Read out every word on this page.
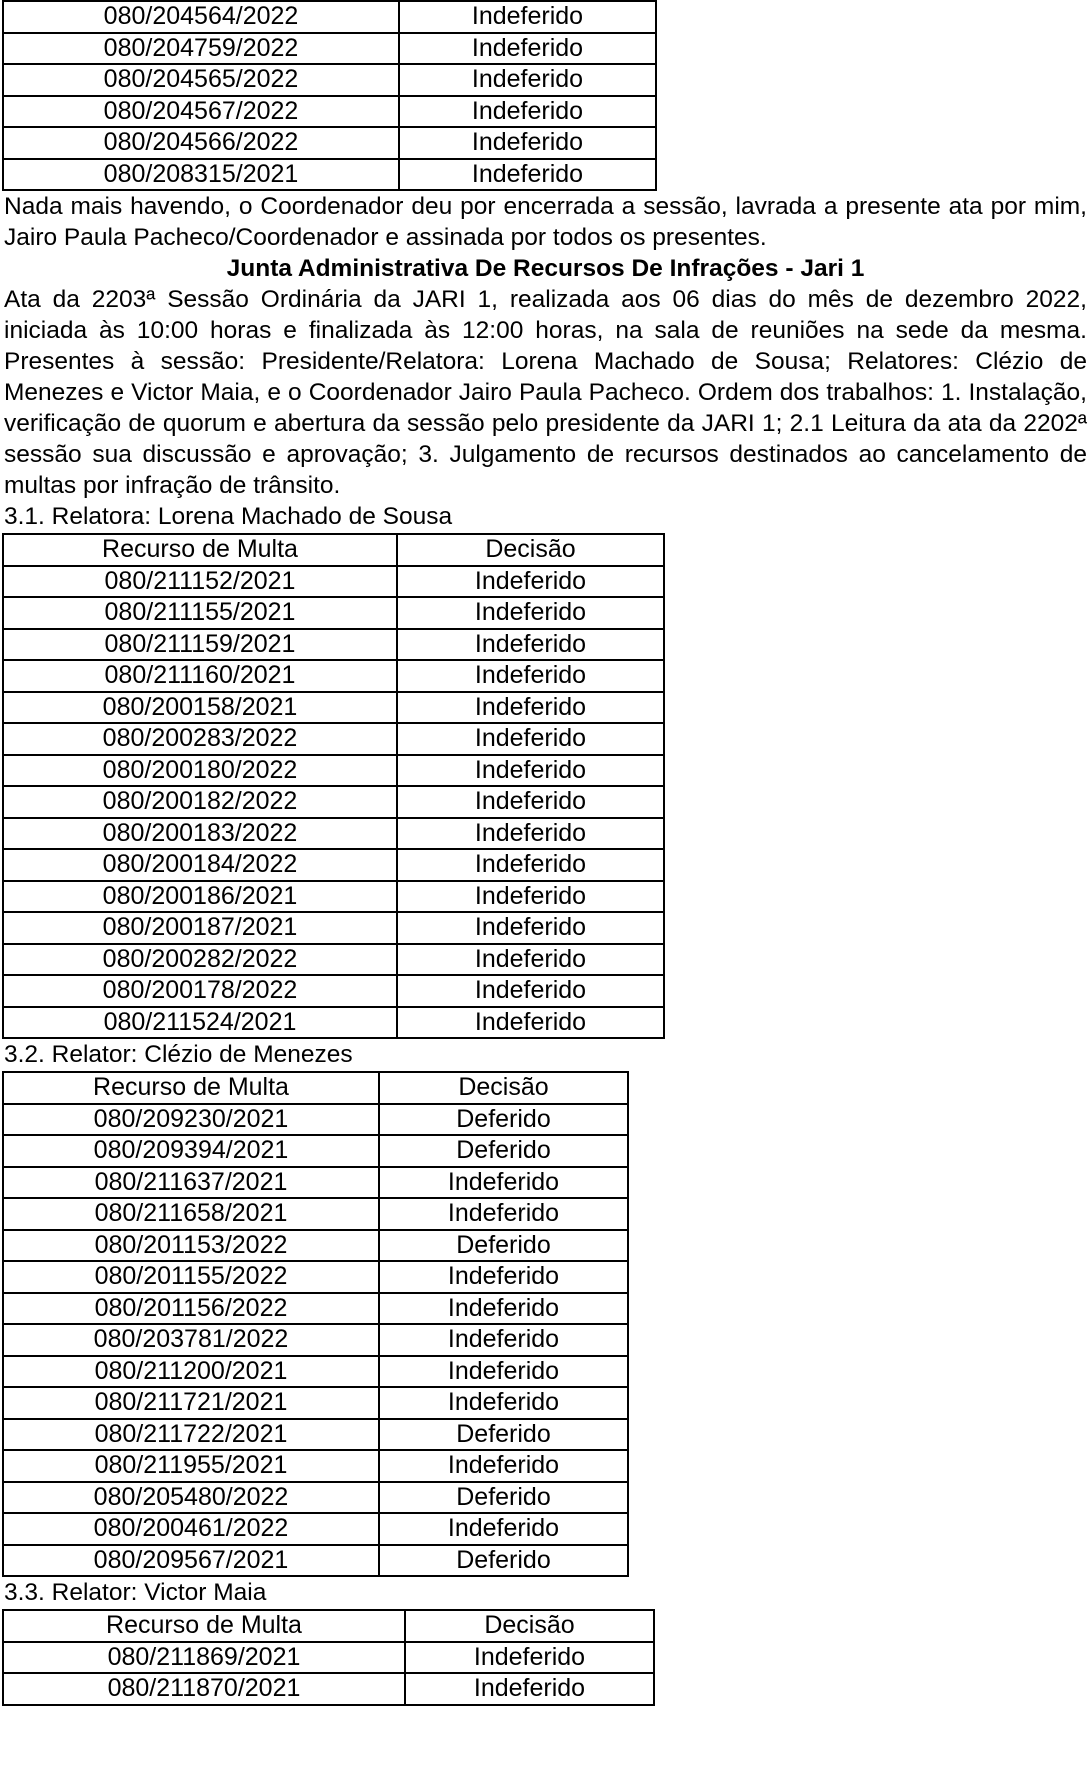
080/204564/2022	Indeferido
080/204759/2022	Indeferido
080/204565/2022	Indeferido
080/204567/2022	Indeferido
080/204566/2022	Indeferido
080/208315/2021	Indeferido

Nada mais havendo, o Coordenador deu por encerrada a sessão, lavrada a presente ata por mim, Jairo Paula Pacheco/Coordenador e assinada por todos os presentes.

Junta Administrativa De Recursos De Infrações - Jari 1

Ata da 2203ª Sessão Ordinária da JARI 1, realizada aos 06 dias do mês de dezembro 2022, iniciada às 10:00 horas e finalizada às 12:00 horas, na sala de reuniões na sede da mesma. Presentes à sessão: Presidente/Relatora: Lorena Machado de Sousa; Relatores: Clézio de Menezes e Victor Maia, e o Coordenador Jairo Paula Pacheco. Ordem dos trabalhos: 1. Instalação, verificação de quorum e abertura da sessão pelo presidente da JARI 1; 2.1 Leitura da ata da 2202ª sessão sua discussão e aprovação; 3. Julgamento de recursos destinados ao cancelamento de multas por infração de trânsito.

3.1. Relatora: Lorena Machado de Sousa

Recurso de Multa	Decisão
080/211152/2021	Indeferido
080/211155/2021	Indeferido
080/211159/2021	Indeferido
080/211160/2021	Indeferido
080/200158/2021	Indeferido
080/200283/2022	Indeferido
080/200180/2022	Indeferido
080/200182/2022	Indeferido
080/200183/2022	Indeferido
080/200184/2022	Indeferido
080/200186/2021	Indeferido
080/200187/2021	Indeferido
080/200282/2022	Indeferido
080/200178/2022	Indeferido
080/211524/2021	Indeferido

3.2. Relator: Clézio de Menezes

Recurso de Multa	Decisão
080/209230/2021	Deferido
080/209394/2021	Deferido
080/211637/2021	Indeferido
080/211658/2021	Indeferido
080/201153/2022	Deferido
080/201155/2022	Indeferido
080/201156/2022	Indeferido
080/203781/2022	Indeferido
080/211200/2021	Indeferido
080/211721/2021	Indeferido
080/211722/2021	Deferido
080/211955/2021	Indeferido
080/205480/2022	Deferido
080/200461/2022	Indeferido
080/209567/2021	Deferido

3.3. Relator: Victor Maia

Recurso de Multa	Decisão
080/211869/2021	Indeferido
080/211870/2021	Indeferido
